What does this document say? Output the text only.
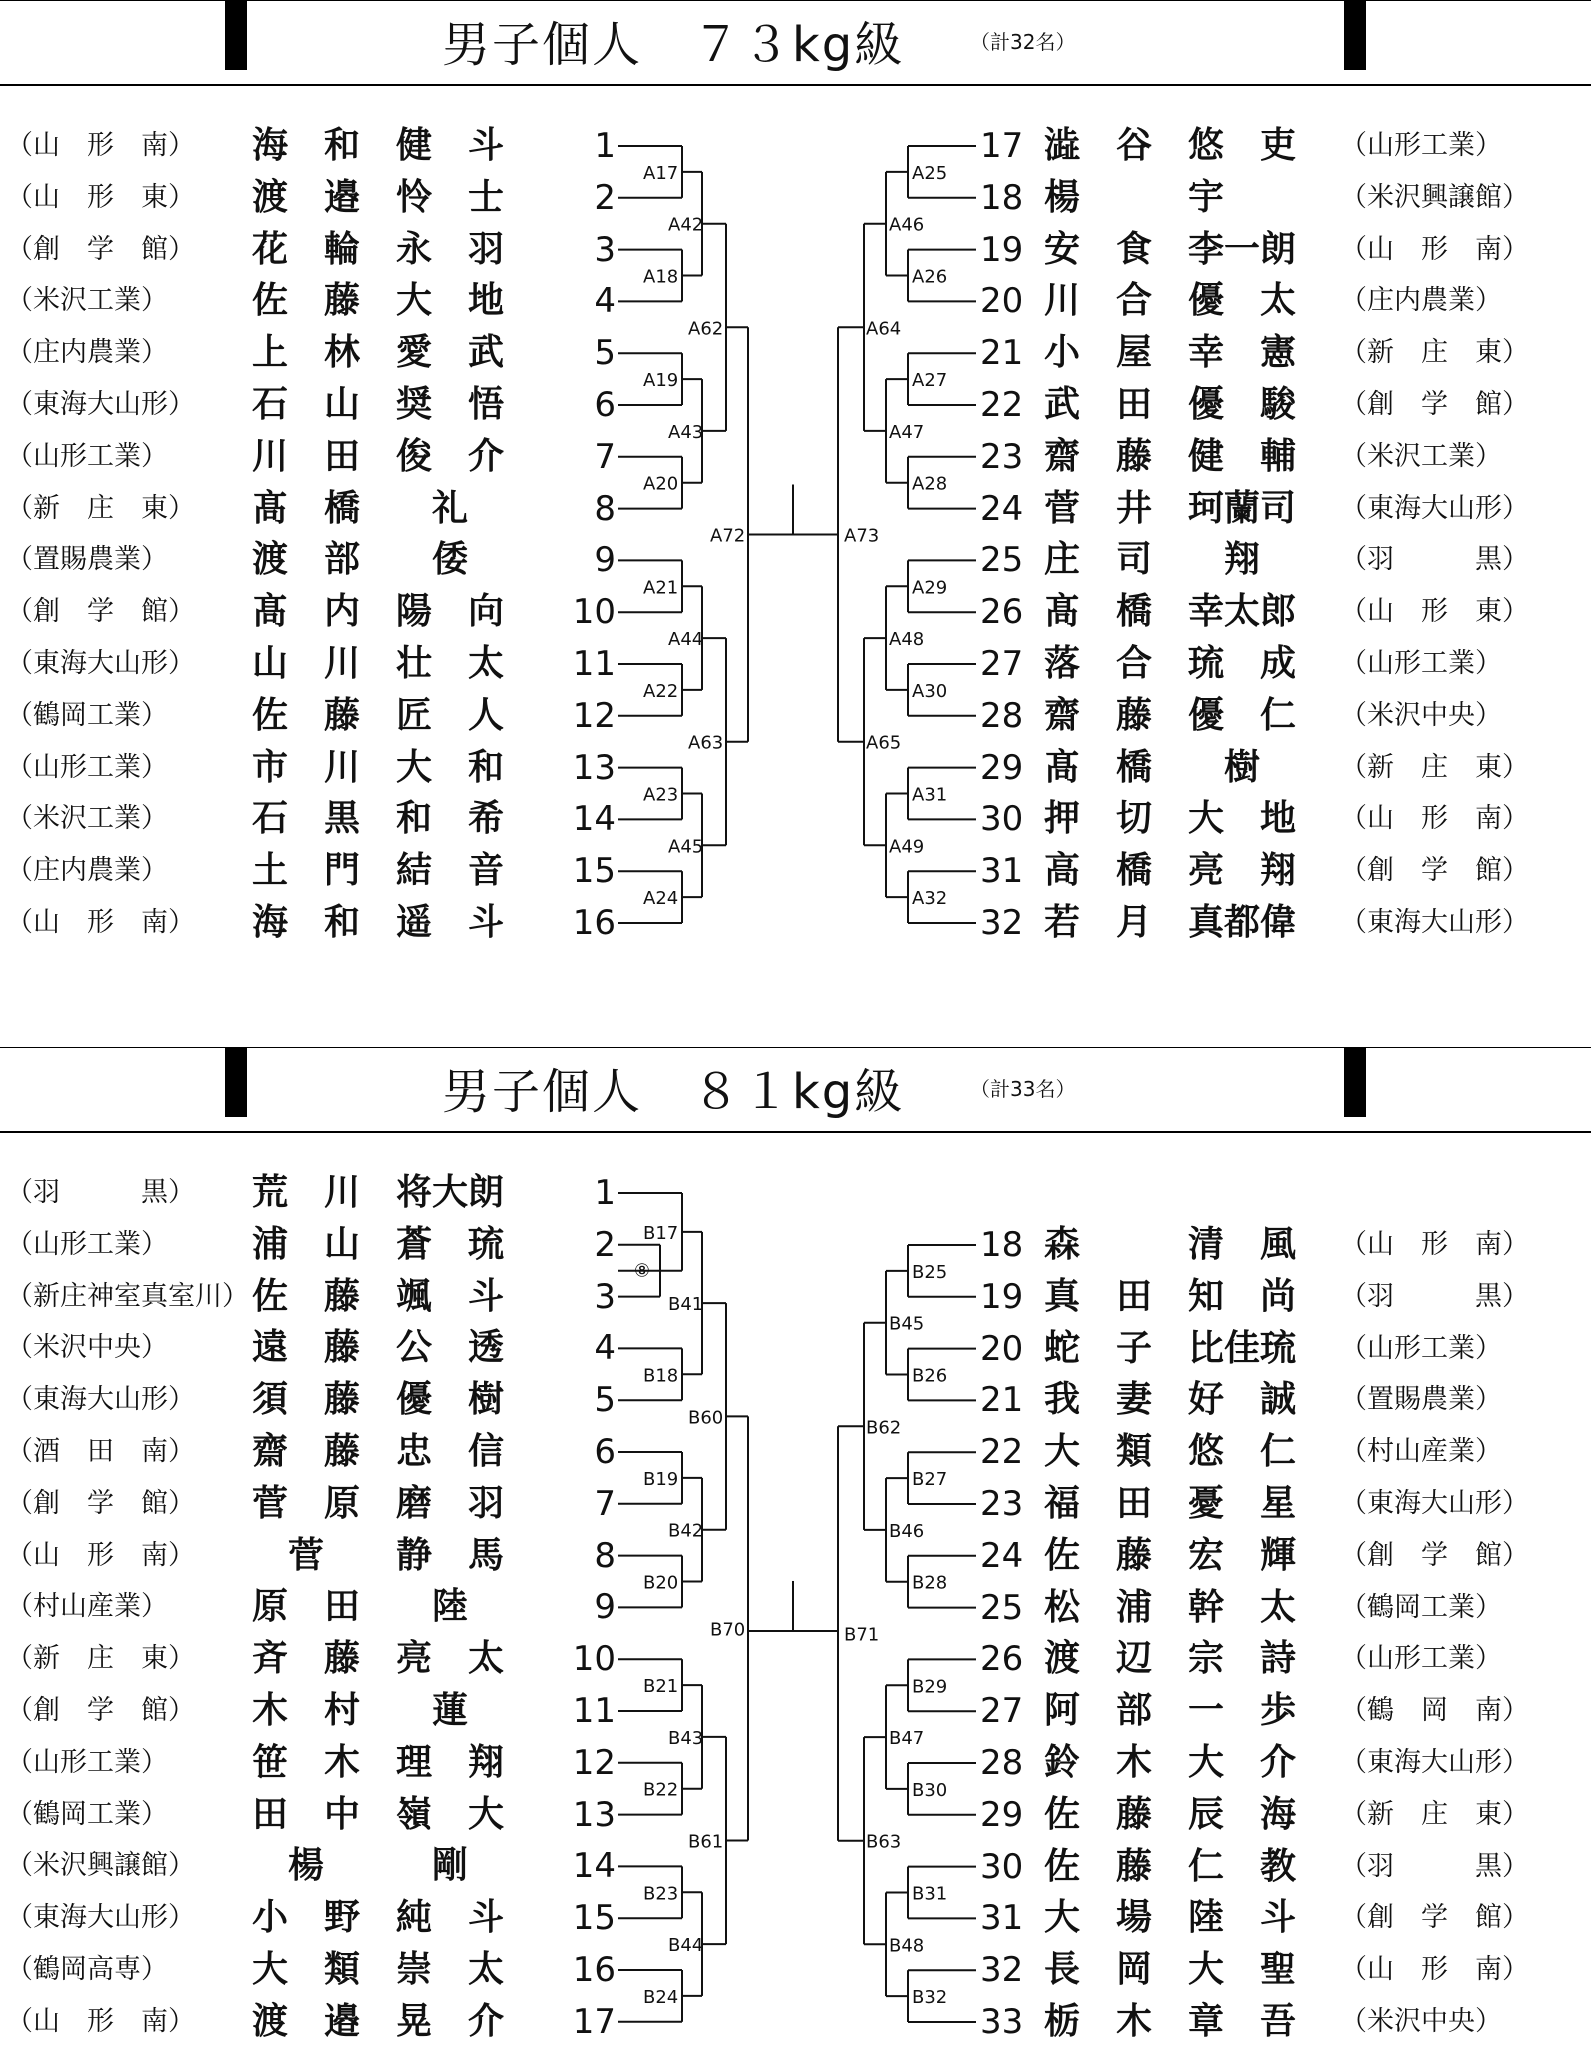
男子個人　７３kg級	（計32名）
（山　形　南）	海　和　健　斗	1
（山　形　東）	渡　邉　怜　士	2
（創　学　館）	花　輪　永　羽	3
（米沢工業）	佐　藤　大　地	4
（庄内農業）	上　林　愛　武	5
（東海大山形）	石　山　奨　悟	6
（山形工業）	川　田　俊　介	7
（新　庄　東）	髙　橋　　礼	8
（置賜農業）	渡　部　　倭	9
（創　学　館）	髙　内　陽　向	10
（東海大山形）	山　川　壮　太	11
（鶴岡工業）	佐　藤　匠　人	12
（山形工業）	市　川　大　和	13
（米沢工業）	石　黒　和　希	14
（庄内農業）	土　門　結　音	15
（山　形　南）	海　和　遥　斗	16
17 澁　谷　悠　吏 （山形工業）
18 楊　　　宇	（米沢興譲館）
19 安　食　李一朗 （山　形　南）
20 川　合　優　太 （庄内農業）
21 小　屋　幸　憲 （新　庄　東）
22 武　田　優　駿 （創　学　館）
23 齋　藤　健　輔 （米沢工業）
24 菅　井　珂蘭司 （東海大山形）
25 庄　司　　翔	（羽　　　黒）
26 髙　橋　幸太郎 （山　形　東）
27 落　合　琉　成 （山形工業）
28 齋　藤　優　仁 （米沢中央）
29 髙　橋　　樹	（新　庄　東）
30 押　切　大　地 （山　形　南）
31 高　橋　亮　翔 （創　学　館）
32 若　月　真都偉 （東海大山形）
A17
A18
A19
A20
A21
A22
A23
A24
A42
A43
A44
A45
A62
A63
A72
A25
A26
A27
A28
A29
A30
A31
A32
A46
A47
A48
A49
A64
A65
A73
男子個人　８１kg級	（計33名）
（羽　　　黒）	荒　川　将大朗	1
（山形工業）	浦　山　蒼　琉	2
（新庄神室真室川） 佐　藤　颯　斗	3
（米沢中央）	遠　藤　公　透	4
（東海大山形）	須　藤　優　樹	5
（酒　田　南）	齋　藤　忠　信	6
（創　学　館）	菅　原　磨　羽	7
（山　形　南）	　菅　　静　馬	8
（村山産業）	原　田　　陸	9
（新　庄　東）	斉　藤　亮　太	10
（創　学　館）	木　村　　蓮	11
（山形工業）	笹　木　理　翔	12
（鶴岡工業）	田　中　嶺　大	13
（米沢興譲館）	　楊　　　剛	14
（東海大山形）	小　野　純　斗	15
（鶴岡高専）	大　類　崇　太	16
（山　形　南）	渡　邉　晃　介	17
18 森　　　清　風 （山　形　南）
19 真　田　知　尚 （羽　　　黒）
20 蛇　子　比佳琉 （山形工業）
21 我　妻　好　誠 （置賜農業）
22 大　類　悠　仁 （村山産業）
23 福　田　憂　星 （東海大山形）
24 佐　藤　宏　輝 （創　学　館）
25 松　浦　幹　太 （鶴岡工業）
26 渡　辺　宗　詩 （山形工業）
27 阿　部　一　歩 （鶴　岡　南）
28 鈴　木　大　介 （東海大山形）
29 佐　藤　辰　海 （新　庄　東）
30 佐　藤　仁　教 （羽　　　黒）
31 大　場　陸　斗 （創　学　館）
32 長　岡　大　聖 （山　形　南）
33 栃　木　章　吾 （米沢中央）
B17
B18
B19
B20
B21
B22
B23
B24
B41
B42
B43
B44
B60
B61
B70
B25
B26
B27
B28
B29
B30
B31
B32
B45
B46
B47
B48
B62
B63
B71
⑧
